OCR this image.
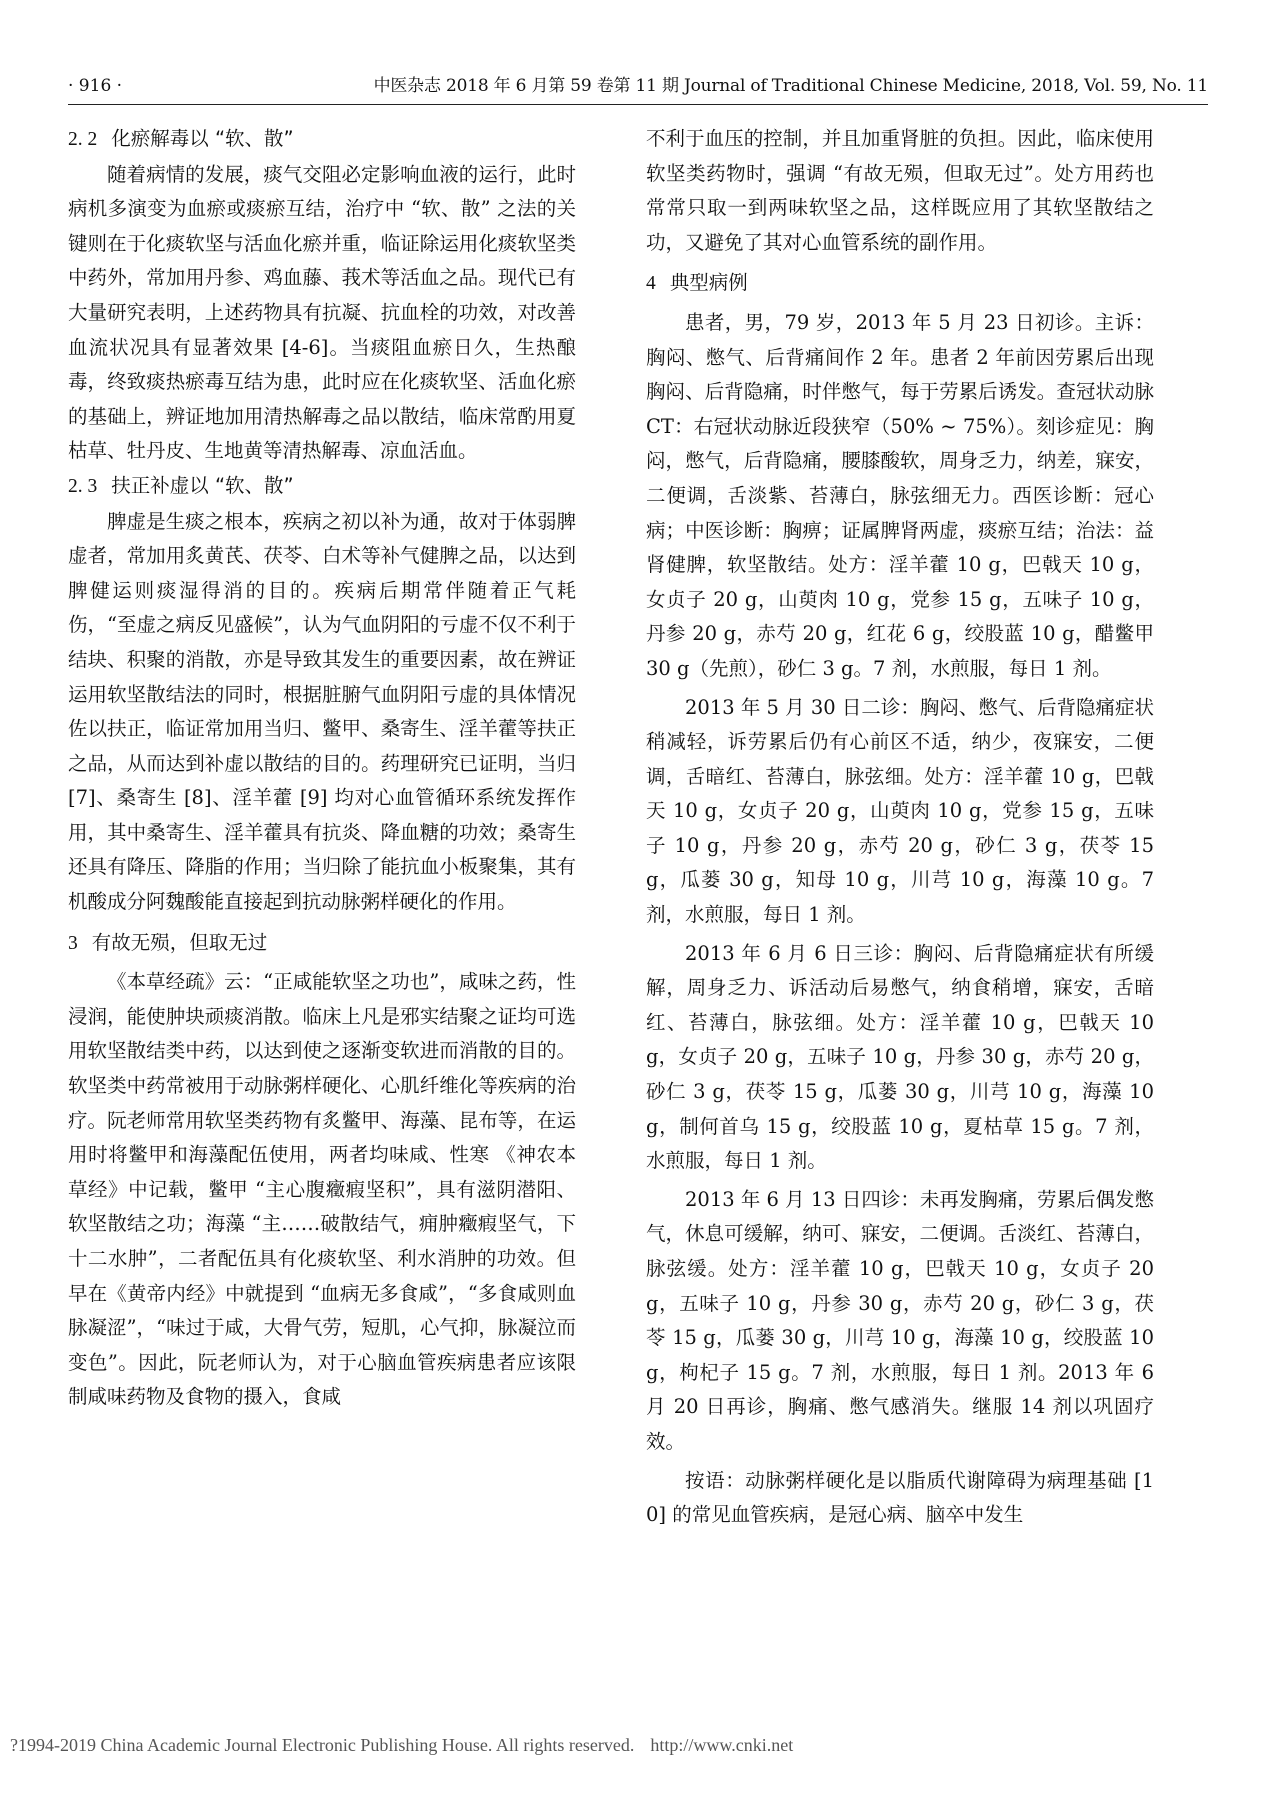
· 916 ·	中医杂志 2018 年 6 月第 59 卷第 11 期 Journal of Traditional Chinese Medicine, 2018, Vol. 59, No. 11
2. 2 化瘀解毒以 “软、散”

随着病情的发展，痰气交阻必定影响血液的运行，此时病机多演变为血瘀或痰瘀互结，治疗中 “软、散” 之法的关键则在于化痰软坚与活血化瘀并重，临证除运用化痰软坚类中药外，常加用丹参、鸡血藤、莪术等活血之品。现代已有大量研究表明，上述药物具有抗凝、抗血栓的功效，对改善血流状况具有显著效果 [4-6]。当痰阻血瘀日久，生热酿毒，终致痰热瘀毒互结为患，此时应在化痰软坚、活血化瘀的基础上，辨证地加用清热解毒之品以散结，临床常酌用夏枯草、牡丹皮、生地黄等清热解毒、凉血活血。

2. 3 扶正补虚以 “软、散”

脾虚是生痰之根本，疾病之初以补为通，故对于体弱脾虚者，常加用炙黄芪、茯苓、白术等补气健脾之品，以达到脾健运则痰湿得消的目的。疾病后期常伴随着正气耗伤，“至虚之病反见盛候”，认为气血阴阳的亏虚不仅不利于结块、积聚的消散，亦是导致其发生的重要因素，故在辨证运用软坚散结法的同时，根据脏腑气血阴阳亏虚的具体情况佐以扶正，临证常加用当归、鳖甲、桑寄生、淫羊藿等扶正之品，从而达到补虚以散结的目的。药理研究已证明，当归 [7]、桑寄生 [8]、淫羊藿 [9] 均对心血管循环系统发挥作用，其中桑寄生、淫羊藿具有抗炎、降血糖的功效；桑寄生还具有降压、降脂的作用；当归除了能抗血小板聚集，其有机酸成分阿魏酸能直接起到抗动脉粥样硬化的作用。

3 有故无殒，但取无过

《本草经疏》云：“正咸能软坚之功也”，咸味之药，性浸润，能使肿块顽痰消散。临床上凡是邪实结聚之证均可选用软坚散结类中药，以达到使之逐渐变软进而消散的目的。软坚类中药常被用于动脉粥样硬化、心肌纤维化等疾病的治疗。阮老师常用软坚类药物有炙鳖甲、海藻、昆布等，在运用时将鳖甲和海藻配伍使用，两者均味咸、性寒 《神农本草经》中记载，鳖甲 “主心腹癥瘕坚积”，具有滋阴潜阳、软坚散结之功；海藻 “主……破散结气，痈肿癥瘕坚气，下十二水肿”，二者配伍具有化痰软坚、利水消肿的功效。但早在《黄帝内经》中就提到 “血病无多食咸”，“多食咸则血脉凝涩”，“味过于咸，大骨气劳，短肌，心气抑，脉凝泣而变色”。因此，阮老师认为，对于心脑血管疾病患者应该限制咸味药物及食物的摄入，食咸

不利于血压的控制，并且加重肾脏的负担。因此，临床使用软坚类药物时，强调 “有故无殒，但取无过”。处方用药也常常只取一到两味软坚之品，这样既应用了其软坚散结之功，又避免了其对心血管系统的副作用。

4 典型病例

患者，男，79 岁，2013 年 5 月 23 日初诊。主诉：胸闷、憋气、后背痛间作 2 年。患者 2 年前因劳累后出现胸闷、后背隐痛，时伴憋气，每于劳累后诱发。查冠状动脉 CT：右冠状动脉近段狭窄（50% ~ 75%）。刻诊症见：胸闷，憋气，后背隐痛，腰膝酸软，周身乏力，纳差，寐安，二便调，舌淡紫、苔薄白，脉弦细无力。西医诊断：冠心病；中医诊断：胸痹；证属脾肾两虚，痰瘀互结；治法：益肾健脾，软坚散结。处方：淫羊藿 10 g，巴戟天 10 g，女贞子 20 g，山萸肉 10 g，党参 15 g，五味子 10 g，丹参 20 g，赤芍 20 g，红花 6 g，绞股蓝 10 g，醋鳖甲 30 g（先煎），砂仁 3 g。7 剂，水煎服，每日 1 剂。

2013 年 5 月 30 日二诊：胸闷、憋气、后背隐痛症状稍减轻，诉劳累后仍有心前区不适，纳少，夜寐安，二便调，舌暗红、苔薄白，脉弦细。处方：淫羊藿 10 g，巴戟天 10 g，女贞子 20 g，山萸肉 10 g，党参 15 g，五味子 10 g，丹参 20 g，赤芍 20 g，砂仁 3 g，茯苓 15 g，瓜蒌 30 g，知母 10 g，川芎 10 g，海藻 10 g。7 剂，水煎服，每日 1 剂。

2013 年 6 月 6 日三诊：胸闷、后背隐痛症状有所缓解，周身乏力、诉活动后易憋气，纳食稍增，寐安，舌暗红、苔薄白，脉弦细。处方：淫羊藿 10 g，巴戟天 10 g，女贞子 20 g，五味子 10 g，丹参 30 g，赤芍 20 g，砂仁 3 g，茯苓 15 g，瓜蒌 30 g，川芎 10 g，海藻 10 g，制何首乌 15 g，绞股蓝 10 g，夏枯草 15 g。7 剂，水煎服，每日 1 剂。

2013 年 6 月 13 日四诊：未再发胸痛，劳累后偶发憋气，休息可缓解，纳可、寐安，二便调。舌淡红、苔薄白，脉弦缓。处方：淫羊藿 10 g，巴戟天 10 g，女贞子 20 g，五味子 10 g，丹参 30 g，赤芍 20 g，砂仁 3 g，茯苓 15 g，瓜蒌 30 g，川芎 10 g，海藻 10 g，绞股蓝 10 g，枸杞子 15 g。7 剂，水煎服，每日 1 剂。2013 年 6 月 20 日再诊，胸痛、憋气感消失。继服 14 剂以巩固疗效。

按语：动脉粥样硬化是以脂质代谢障碍为病理基础 [10] 的常见血管疾病，是冠心病、脑卒中发生

?1994-2019 China Academic Journal Electronic Publishing House. All rights reserved. http://www.cnki.net
